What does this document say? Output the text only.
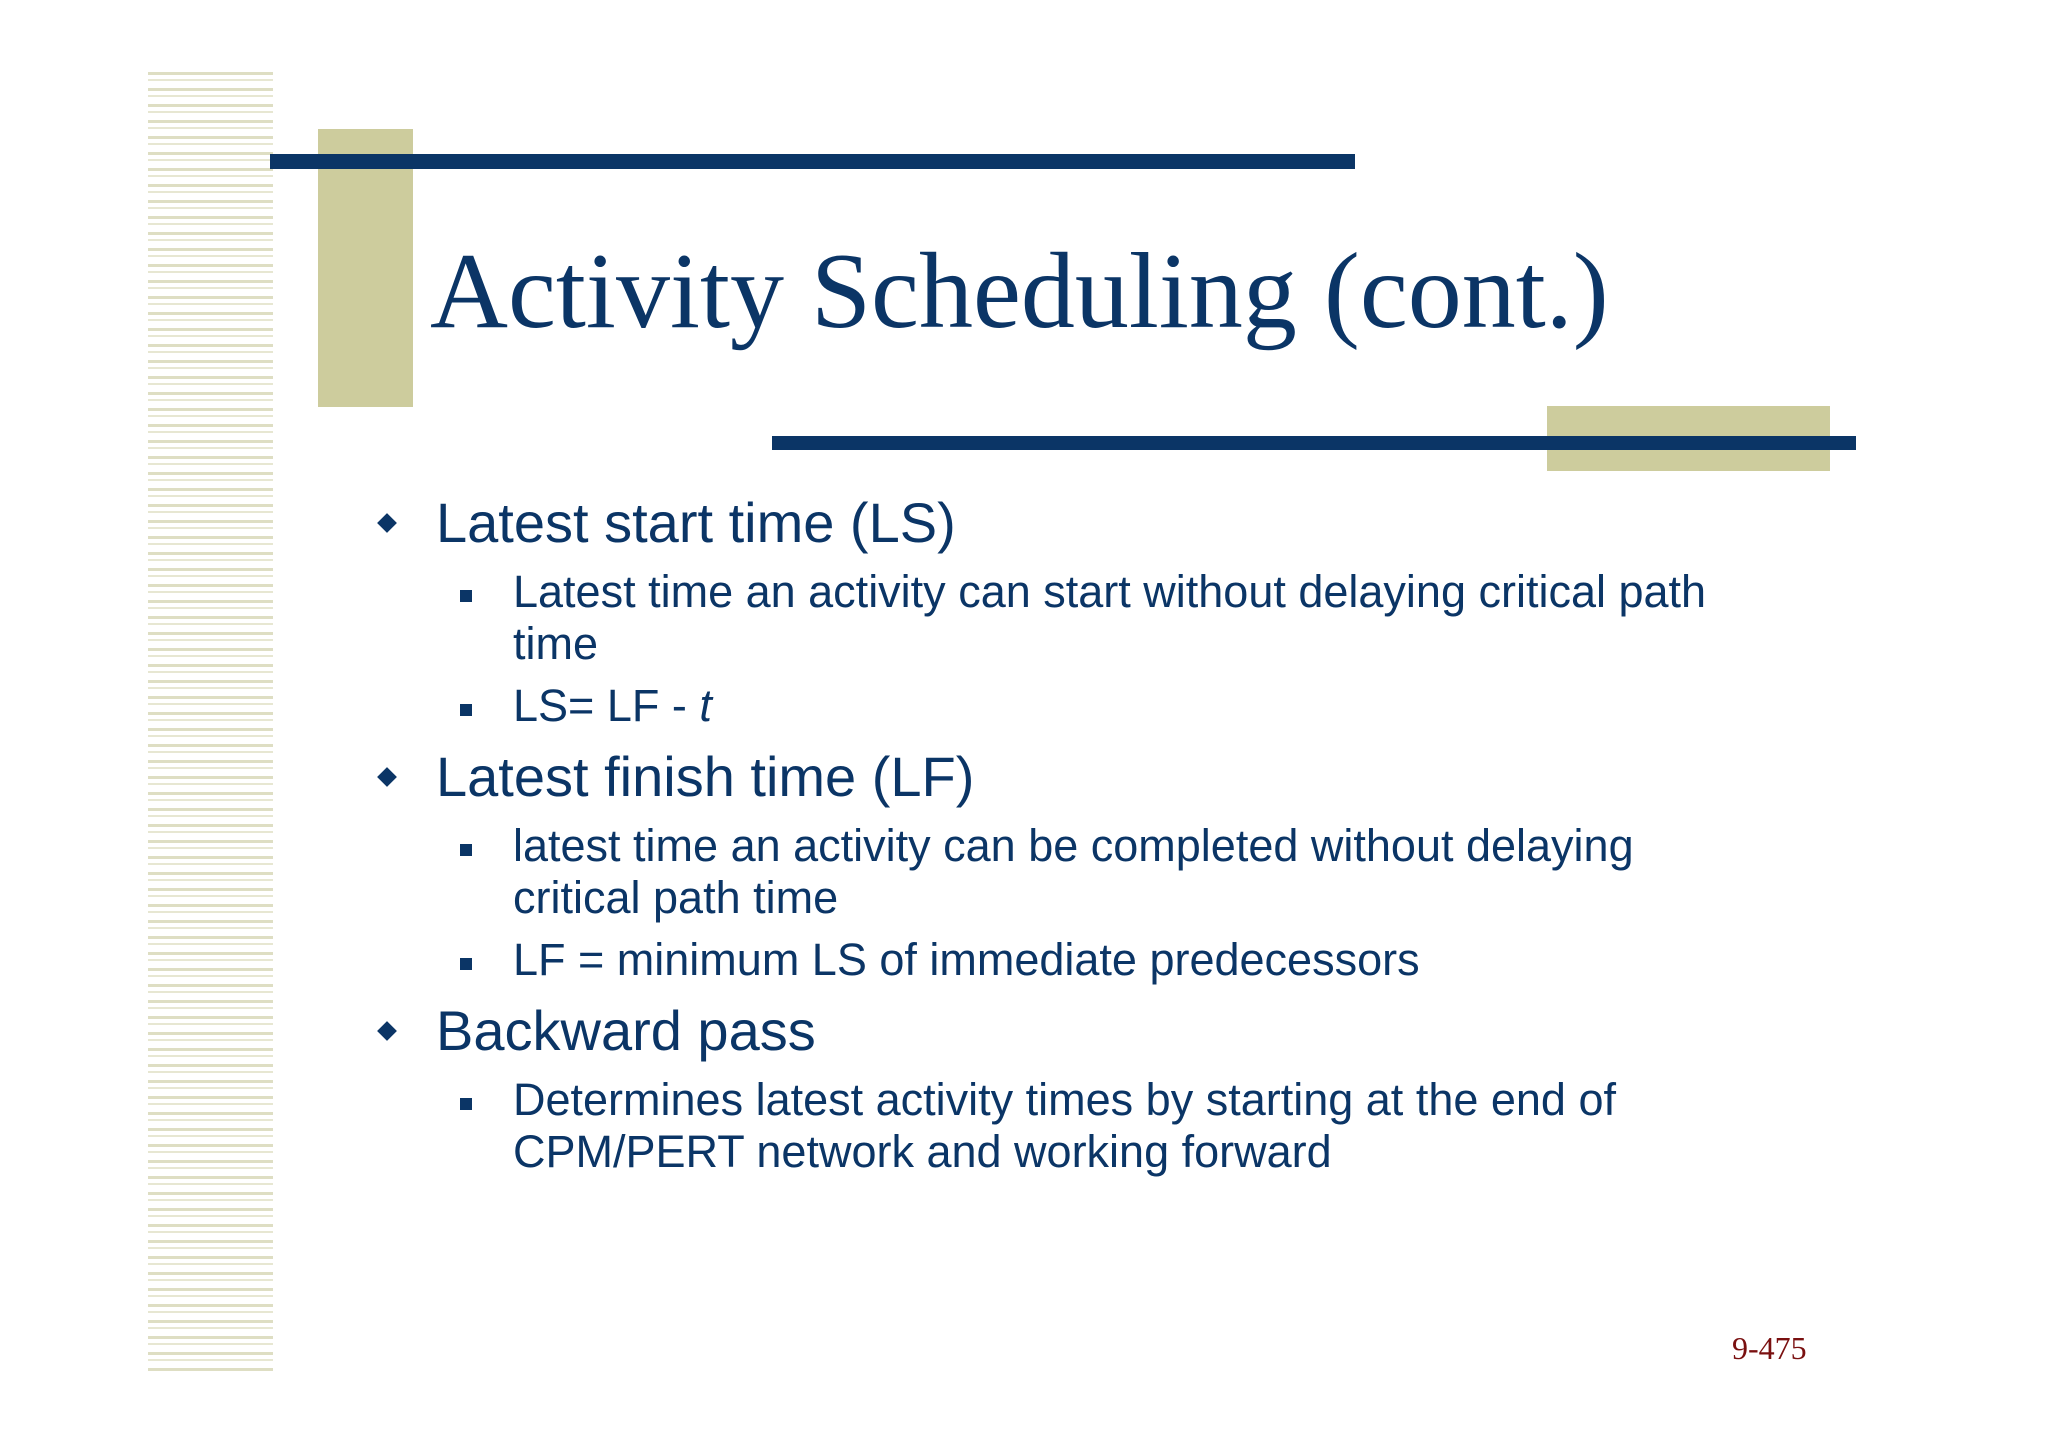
Activity Scheduling (cont.)
Latest start time (LS)
Latest time an activity can start without delaying critical path time
LS= LF - t
Latest finish time (LF)
latest time an activity can be completed without delaying critical path time
LF = minimum LS of immediate predecessors
Backward pass
Determines latest activity times by starting at the end of CPM/PERT network and working forward
9-475
